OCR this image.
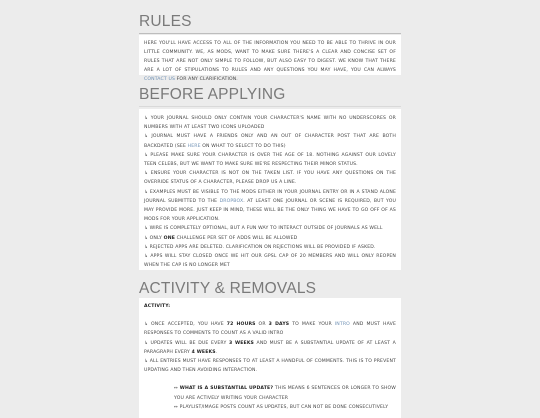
RULES

HERE YOU'LL HAVE ACCESS TO ALL OF THE INFORMATION YOU NEED TO BE ABLE TO THRIVE IN OUR LITTLE COMMUNITY. WE, AS MODS, WANT TO MAKE SURE THERE'S A CLEAR AND CONCISE SET OF RULES THAT ARE NOT ONLY SIMPLE TO FOLLOW, BUT ALSO EASY TO DIGEST. WE KNOW THAT THERE ARE A LOT OF STIPULATIONS TO RULES AND ANY QUESTIONS YOU MAY HAVE, YOU CAN ALWAYS CONTACT US FOR ANY CLARIFICATION.

BEFORE APPLYING

↳ YOUR JOURNAL SHOULD ONLY CONTAIN YOUR CHARACTER'S NAME WITH NO UNDERSCORES OR NUMBERS WITH AT LEAST TWO ICONS UPLOADED

↳ JOURNAL MUST HAVE A FRIENDS ONLY AND AN OUT OF CHARACTER POST THAT ARE BOTH BACKDATED (SEE HERE ON WHAT TO SELECT TO DO THIS)

↳ PLEASE MAKE SURE YOUR CHARACTER IS OVER THE AGE OF 18. NOTHING AGAINST OUR LOVELY TEEN CELEBS, BUT WE WANT TO MAKE SURE WE'RE RESPECTING THEIR MINOR STATUS.

↳ ENSURE YOUR CHARACTER IS NOT ON THE TAKEN LIST. IF YOU HAVE ANY QUESTIONS ON THE OVERRIDE STATUS OF A CHARACTER, PLEASE DROP US A LINE.

↳ EXAMPLES MUST BE VISIBLE TO THE MODS EITHER IN YOUR JOURNAL ENTRY OR IN A STAND ALONE JOURNAL SUBMITTED TO THE DROPBOX. AT LEAST ONE JOURNAL OR SCENE IS REQUIRED, BUT YOU MAY PROVIDE MORE. JUST KEEP IN MIND, THESE WILL BE THE ONLY THING WE HAVE TO GO OFF OF AS MODS FOR YOUR APPLICATION.

↳ WIRE IS COMPLETELY OPTIONAL, BUT A FUN WAY TO INTERACT OUTSIDE OF JOURNALS AS WELL

↳ ONLY ONE CHALLENGE PER SET OF ADDS WILL BE ALLOWED

↳ REJECTED APPS ARE DELETED. CLARIFICATION ON REJECTIONS WILL BE PROVIDED IF ASKED.

↳ APPS WILL STAY CLOSED ONCE WE HIT OUR GPSL CAP OF 20 MEMBERS AND WILL ONLY REOPEN WHEN THE CAP IS NO LONGER MET

ACTIVITY & REMOVALS

ACTIVITY:

↳ ONCE ACCEPTED, YOU HAVE 72 HOURS OR 3 DAYS TO MAKE YOUR INTRO AND MUST HAVE RESPONSES TO COMMENTS TO COUNT AS A VALID INTRO

↳ UPDATES WILL BE DUE EVERY 3 WEEKS AND MUST BE A SUBSTANTIAL UPDATE OF AT LEAST A PARAGRAPH EVERY 4 WEEKS.

↳ ALL ENTRIES MUST HAVE RESPONSES TO AT LEAST A HANDFUL OF COMMENTS. THIS IS TO PREVENT UPDATING AND THEN AVOIDING INTERACTION.

↔ WHAT IS A SUBSTANTIAL UPDATE? THIS MEANS 6 SENTENCES OR LONGER TO SHOW YOU ARE ACTIVELY WRITING YOUR CHARACTER

↔ PLAYLIST/IMAGE POSTS COUNT AS UPDATES, BUT CAN NOT BE DONE CONSECUTIVELY
